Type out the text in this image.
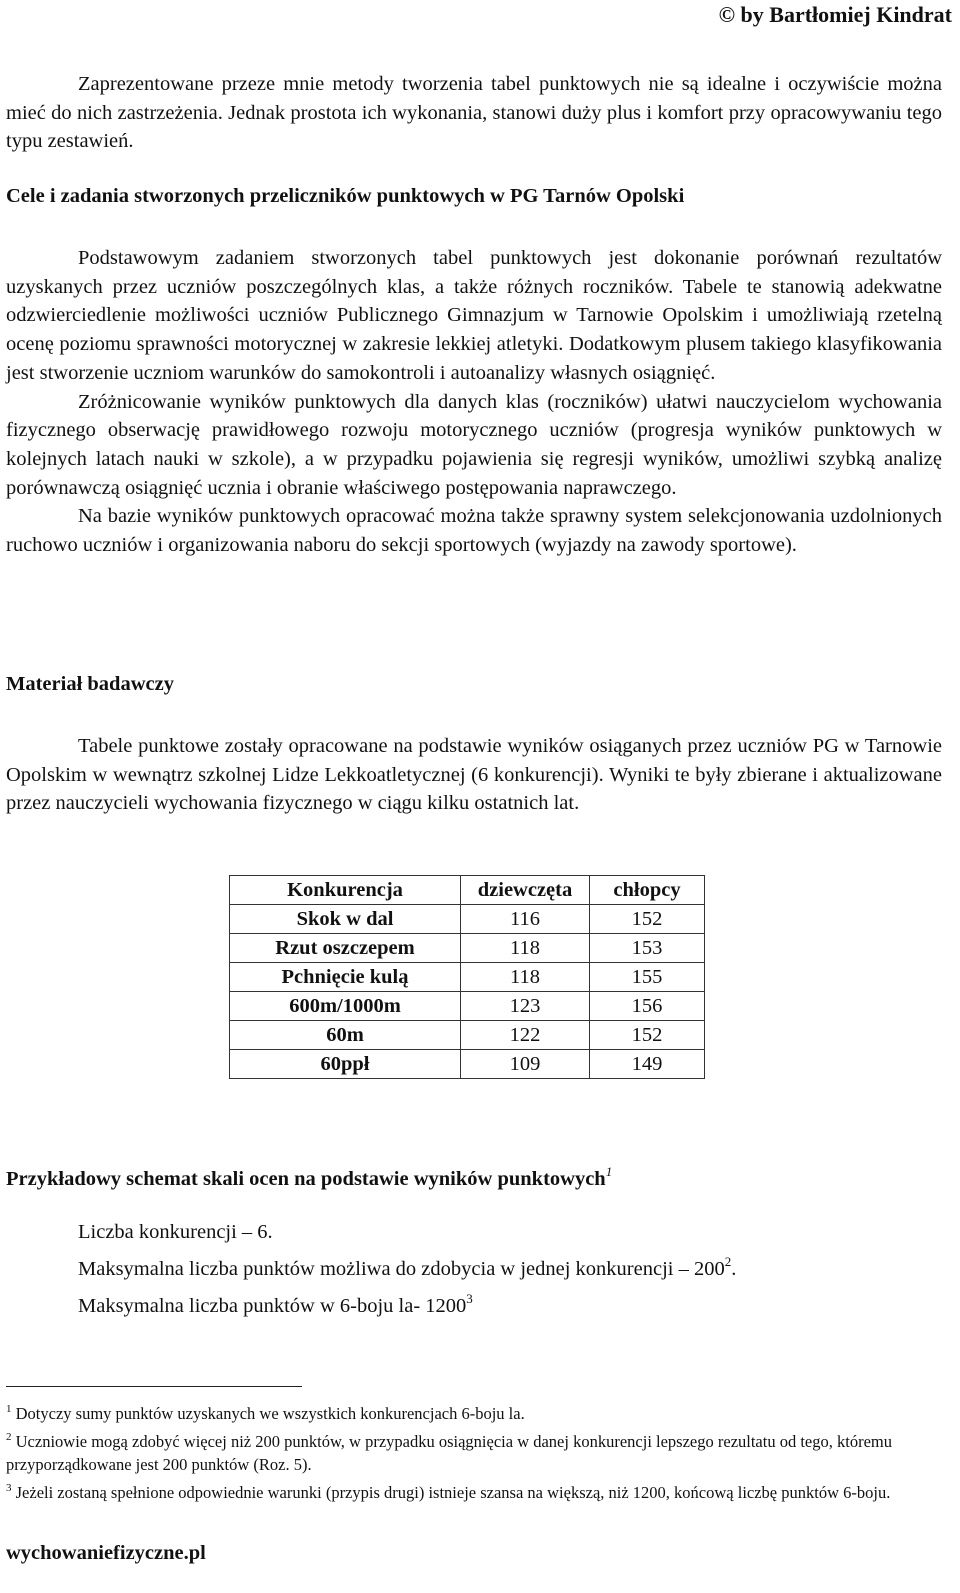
© by Bartłomiej Kindrat

Zaprezentowane przeze mnie metody tworzenia tabel punktowych nie są idealne i oczywiście można mieć do nich zastrzeżenia. Jednak prostota ich wykonania, stanowi duży plus i komfort przy opracowywaniu tego typu zestawień.

Cele i zadania stworzonych przeliczników punktowych w PG Tarnów Opolski

Podstawowym zadaniem stworzonych tabel punktowych jest dokonanie porównań rezultatów uzyskanych przez uczniów poszczególnych klas, a także różnych roczników. Tabele te stanowią adekwatne odzwierciedlenie możliwości uczniów Publicznego Gimnazjum w Tarnowie Opolskim i umożliwiają rzetelną ocenę poziomu sprawności motorycznej w zakresie lekkiej atletyki. Dodatkowym plusem takiego klasyfikowania jest stworzenie uczniom warunków do samokontroli i autoanalizy własnych osiągnięć.

Zróżnicowanie wyników punktowych dla danych klas (roczników) ułatwi nauczycielom wychowania fizycznego obserwację prawidłowego rozwoju motorycznego uczniów (progresja wyników punktowych w kolejnych latach nauki w szkole), a w przypadku pojawienia się regresji wyników, umożliwi szybką analizę porównawczą osiągnięć ucznia i obranie właściwego postępowania naprawczego.

Na bazie wyników punktowych opracować można także sprawny system selekcjonowania uzdolnionych ruchowo uczniów i organizowania naboru do sekcji sportowych (wyjazdy na zawody sportowe).

Materiał badawczy

Tabele punktowe zostały opracowane na podstawie wyników osiąganych przez uczniów PG w Tarnowie Opolskim w wewnątrz szkolnej Lidze Lekkoatletycznej (6 konkurencji). Wyniki te były zbierane i aktualizowane przez nauczycieli wychowania fizycznego w ciągu kilku ostatnich lat.

Konkurencja	dziewczęta	chłopcy
Skok w dal	116	152
Rzut oszczepem	118	153
Pchnięcie kulą	118	155
600m/1000m	123	156
60m	122	152
60ppł	109	149
Przykładowy schemat skali ocen na podstawie wyników punktowych$^1$
Liczba konkurencji – 6.
Maksymalna liczba punktów możliwa do zdobycia w jednej konkurencji – $200^2$.
Maksymalna liczba punktów w 6-boju la- 1200$^3$
$^1$ Dotyczy sumy punktów uzyskanych we wszystkich konkurencjach 6-boju la.
$^2$ Uczniowie mogą zdobyć więcej niż 200 punktów, w przypadku osiągnięcia w danej konkurencji lepszego rezultatu od tego, któremu przyporządkowane jest 200 punktów (Roz. 5).
$^3$ Jeżeli zostaną spełnione odpowiednie warunki (przypis drugi) istnieje szansa na większą, niż 1200, końcową liczbę punktów 6-boju.
wychowaniefizyczne.pl
